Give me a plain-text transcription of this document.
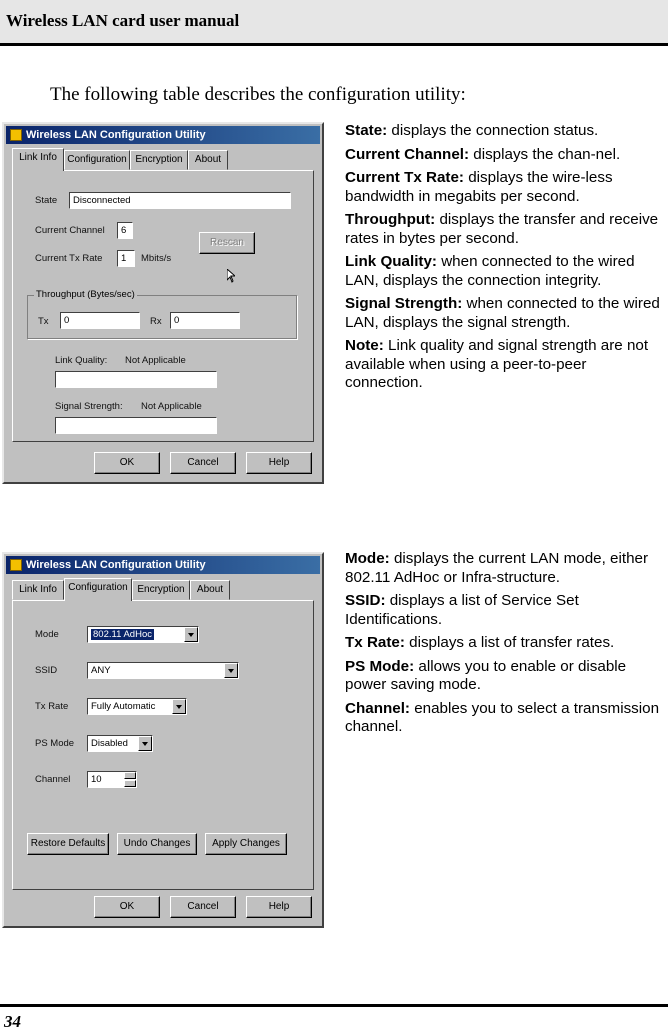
Wireless LAN card user manual
The following table describes the configuration utility:
Wireless LAN Configuration Utility
Link Info	Configuration Encryption	About
State	Disconnected
Current Channel	6
Current Tx Rate	1	Mbits/s
Rescan
Throughput (Bytes/sec)
Tx	0	Rx	0
Link Quality: Not Applicable
Signal Strength: Not Applicable
OK	Cancel	Help
Wireless LAN Configuration Utility
Link Info	Configuration Encryption	About
Mode	802.11 AdHoc
SSID	ANY
Tx Rate	Fully Automatic
PS Mode	Disabled
Channel	10
Restore Defaults	Undo Changes	Apply Changes
OK	Cancel	Help

State: displays the connection status.

Current Channel: displays the chan-nel.

Current Tx Rate: displays the wire-less bandwidth in megabits per second.

Throughput: displays the transfer and receive rates in bytes per second.

Link Quality: when connected to the wired LAN, displays the connection integrity.

Signal Strength: when connected to the wired LAN, displays the signal strength.

Note: Link quality and signal strength are not available when using a peer-to-peer connection.

Mode: displays the current LAN mode, either 802.11 AdHoc or Infra-structure.

SSID: displays a list of Service Set Identifications.

Tx Rate: displays a list of transfer rates.

PS Mode: allows you to enable or disable power saving mode.

Channel: enables you to select a transmission channel.

34
